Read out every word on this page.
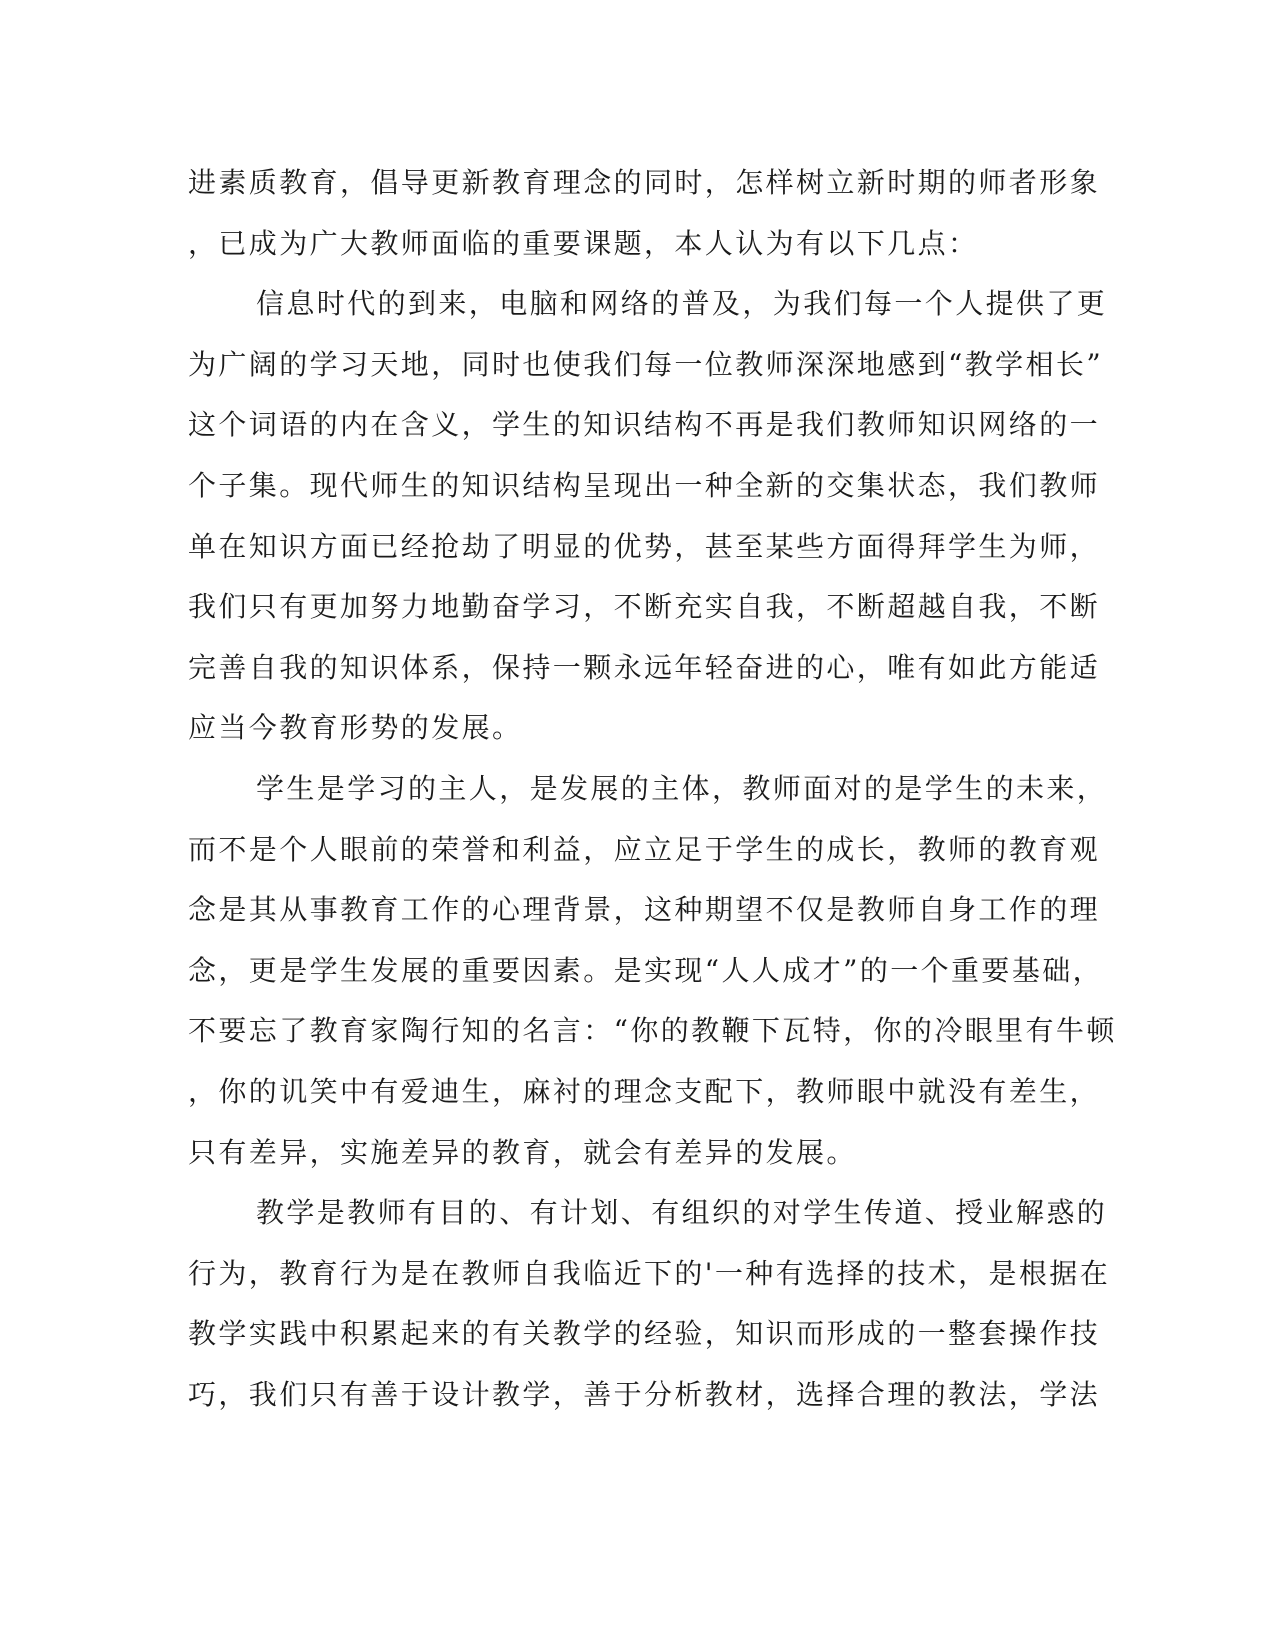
进素质教育，倡导更新教育理念的同时，怎样树立新时期的师者形象
，已成为广大教师面临的重要课题，本人认为有以下几点：
信息时代的到来，电脑和网络的普及，为我们每一个人提供了更
为广阔的学习天地，同时也使我们每一位教师深深地感到“教学相长”
这个词语的内在含义，学生的知识结构不再是我们教师知识网络的一
个子集。现代师生的知识结构呈现出一种全新的交集状态，我们教师
单在知识方面已经抢劫了明显的优势，甚至某些方面得拜学生为师，
我们只有更加努力地勤奋学习，不断充实自我，不断超越自我，不断
完善自我的知识体系，保持一颗永远年轻奋进的心，唯有如此方能适
应当今教育形势的发展。
学生是学习的主人，是发展的主体，教师面对的是学生的未来，
而不是个人眼前的荣誉和利益，应立足于学生的成长，教师的教育观
念是其从事教育工作的心理背景，这种期望不仅是教师自身工作的理
念，更是学生发展的重要因素。是实现“人人成才”的一个重要基础，
不要忘了教育家陶行知的名言：“你的教鞭下瓦特，你的冷眼里有牛顿
，你的讥笑中有爱迪生，麻衬的理念支配下，教师眼中就没有差生，
只有差异，实施差异的教育，就会有差异的发展。
教学是教师有目的、有计划、有组织的对学生传道、授业解惑的
行为，教育行为是在教师自我临近下的'一种有选择的技术，是根据在
教学实践中积累起来的有关教学的经验，知识而形成的一整套操作技
巧，我们只有善于设计教学，善于分析教材，选择合理的教法，学法
